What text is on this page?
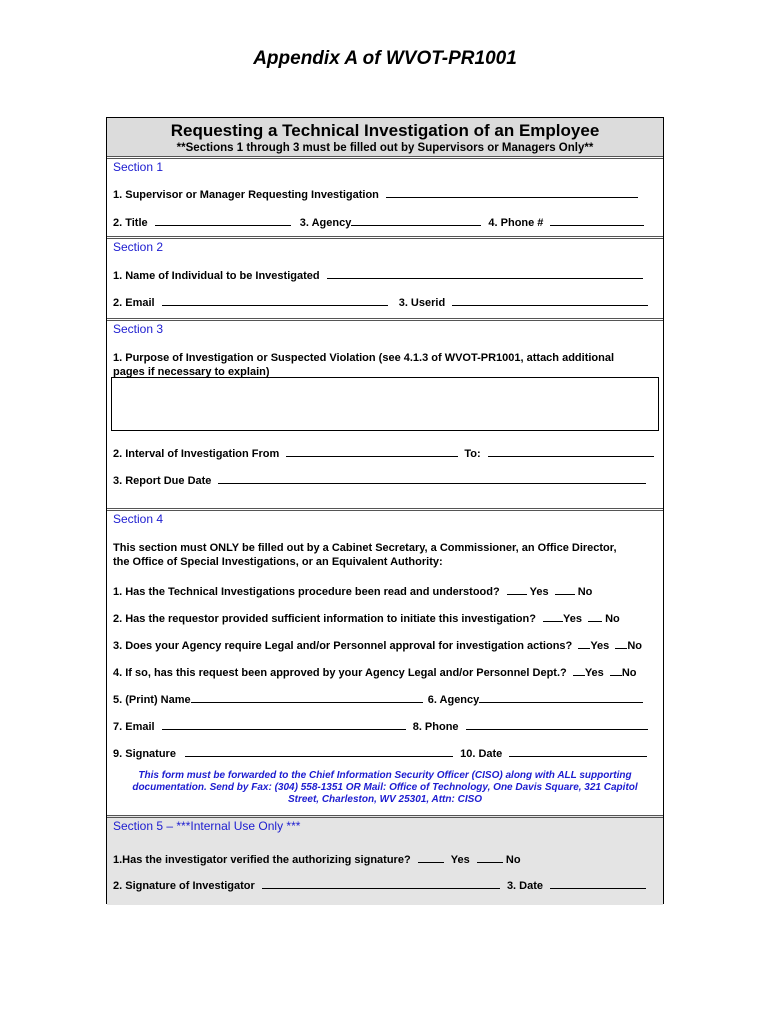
Appendix A of WVOT-PR1001
Requesting a Technical Investigation of an Employee
**Sections 1 through 3 must be filled out by Supervisors or Managers Only**
Section 1
1. Supervisor or Manager Requesting Investigation
2. Title	3. Agency	4. Phone #
Section 2
1. Name of Individual to be Investigated
2. Email	3. Userid
Section 3
1. Purpose of Investigation or Suspected Violation (see 4.1.3 of WVOT-PR1001, attach additional
pages if necessary to explain)
2. Interval of Investigation From	To:
3. Report Due Date
Section 4
This section must ONLY be filled out by a Cabinet Secretary, a Commissioner, an Office Director,
the Office of Special Investigations, or an Equivalent Authority:
1. Has the Technical Investigations procedure been read and understood?	Yes	No
2. Has the requestor provided sufficient information to initiate this investigation? Yes No
3. Does your Agency require Legal and/or Personnel approval for investigation actions? Yes No
4. If so, has this request been approved by your Agency Legal and/or Personnel Dept.? Yes No
5. (Print) Name	6. Agency
7. Email	8. Phone
9. Signature	10. Date
This form must be forwarded to the Chief Information Security Officer (CISO) along with ALL supporting
documentation. Send by Fax: (304) 558-1351 OR Mail: Office of Technology, One Davis Square, 321 Capitol
Street, Charleston, WV 25301, Attn: CISO
Section 5 – ***Internal Use Only ***
1.Has the investigator verified the authorizing signature?	Yes	No
2. Signature of Investigator	3. Date
